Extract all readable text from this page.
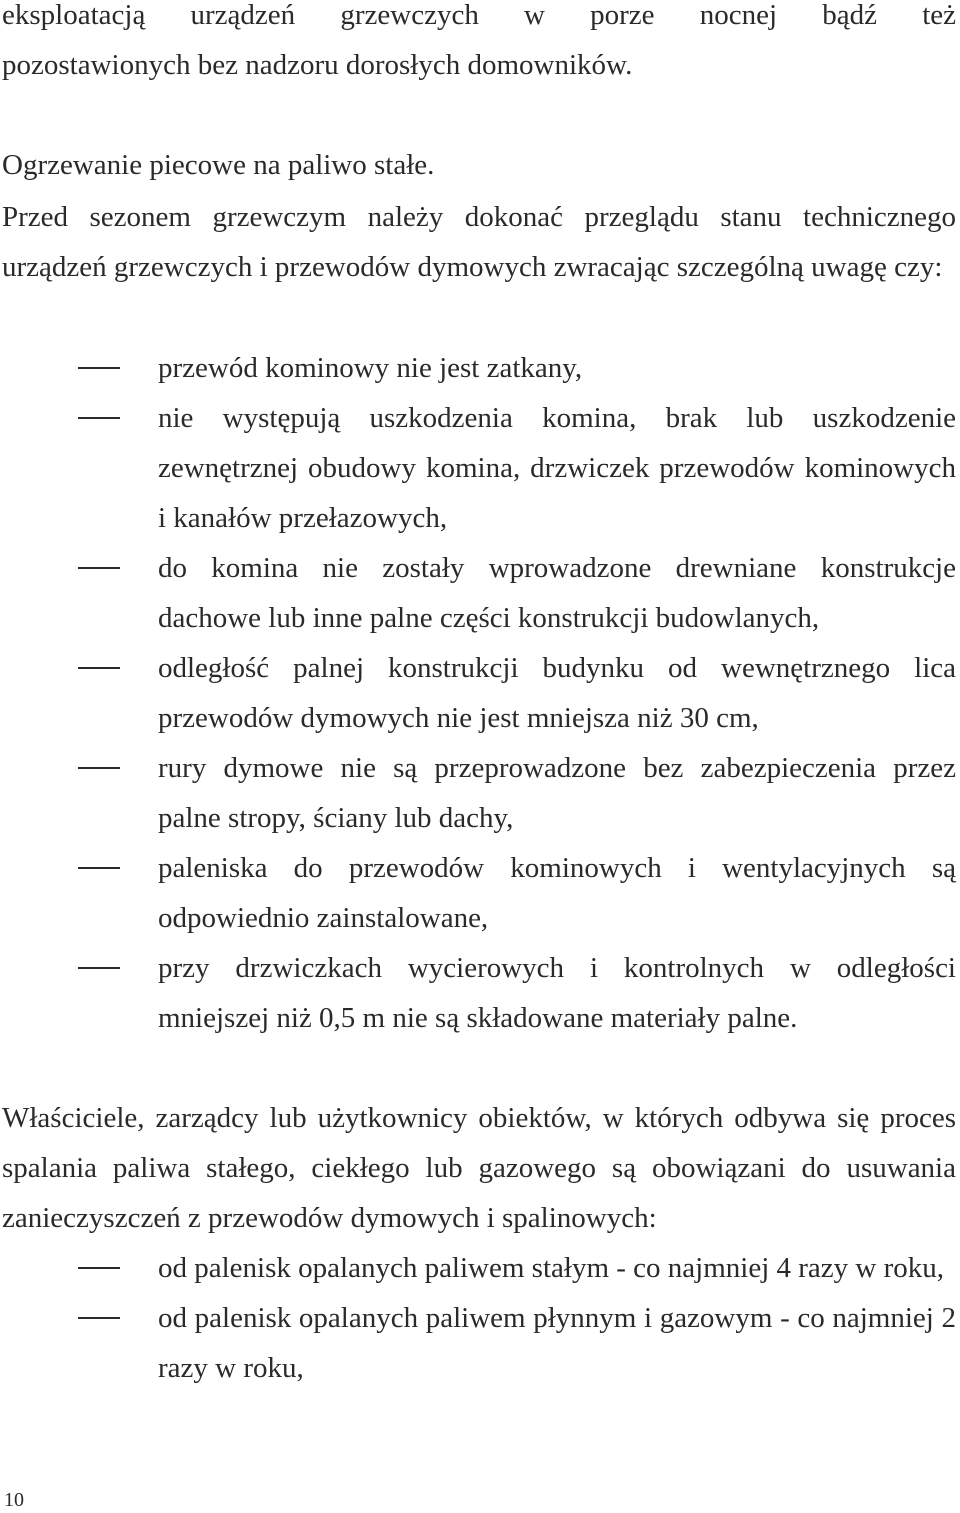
eksploatacją urządzeń grzewczych w porze nocnej bądź też

pozostawionych bez nadzoru dorosłych domowników.

Ogrzewanie piecowe na paliwo stałe.

Przed sezonem grzewczym należy dokonać przeglądu stanu technicznego urządzeń grzewczych i przewodów dymowych zwracając szczególną uwagę czy:

przewód kominowy nie jest zatkany,
nie występują uszkodzenia komina, brak lub uszkodzenie zewnętrznej obudowy komina, drzwiczek przewodów kominowych i kanałów przełazowych,
do komina nie zostały wprowadzone drewniane konstrukcje dachowe lub inne palne części konstrukcji budowlanych,
odległość palnej konstrukcji budynku od wewnętrznego lica przewodów dymowych nie jest mniejsza niż 30 cm,
rury dymowe nie są przeprowadzone bez zabezpieczenia przez palne stropy, ściany lub dachy,
paleniska do przewodów kominowych i wentylacyjnych są odpowiednio zainstalowane,
przy drzwiczkach wycierowych i kontrolnych w odległości mniejszej niż 0,5 m nie są składowane materiały palne.

Właściciele, zarządcy lub użytkownicy obiektów, w których odbywa się proces spalania paliwa stałego, ciekłego lub gazowego są obowiązani do usuwania zanieczyszczeń z przewodów dymowych i spalinowych:

od palenisk opalanych paliwem stałym - co najmniej 4 razy w roku,
od palenisk opalanych paliwem płynnym i gazowym - co najmniej 2 razy w roku,

10
